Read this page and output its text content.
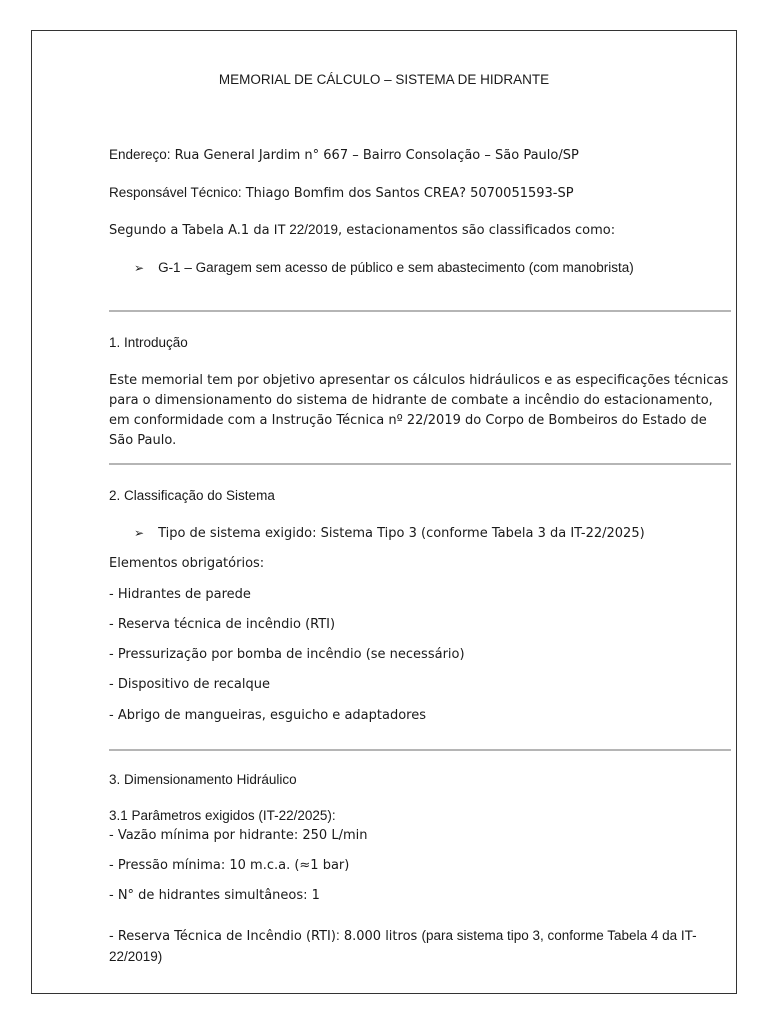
MEMORIAL DE CÁLCULO – SISTEMA DE HIDRANTE
Endereço: Rua General Jardim n° 667 – Bairro Consolação – São Paulo/SP
Responsável Técnico: Thiago Bomfim dos Santos CREA? 5070051593-SP
Segundo a Tabela A.1 da IT 22/2019, estacionamentos são classificados como:
➢ G-1 – Garagem sem acesso de público e sem abastecimento (com manobrista)
1. Introdução
Este memorial tem por objetivo apresentar os cálculos hidráulicos e as especificações técnicas para o dimensionamento do sistema de hidrante de combate a incêndio do estacionamento, em conformidade com a Instrução Técnica nº 22/2019 do Corpo de Bombeiros do Estado de São Paulo.
2. Classificação do Sistema
➢ Tipo de sistema exigido: Sistema Tipo 3 (conforme Tabela 3 da IT-22/2025)
Elementos obrigatórios:
- Hidrantes de parede
- Reserva técnica de incêndio (RTI)
- Pressurização por bomba de incêndio (se necessário)
- Dispositivo de recalque
- Abrigo de mangueiras, esguicho e adaptadores
3. Dimensionamento Hidráulico
3.1 Parâmetros exigidos (IT-22/2025):
- Vazão mínima por hidrante: 250 L/min
- Pressão mínima: 10 m.c.a. (≈1 bar)
- N° de hidrantes simultâneos: 1
- Reserva Técnica de Incêndio (RTI): 8.000 litros (para sistema tipo 3, conforme Tabela 4 da IT-22/2019)
